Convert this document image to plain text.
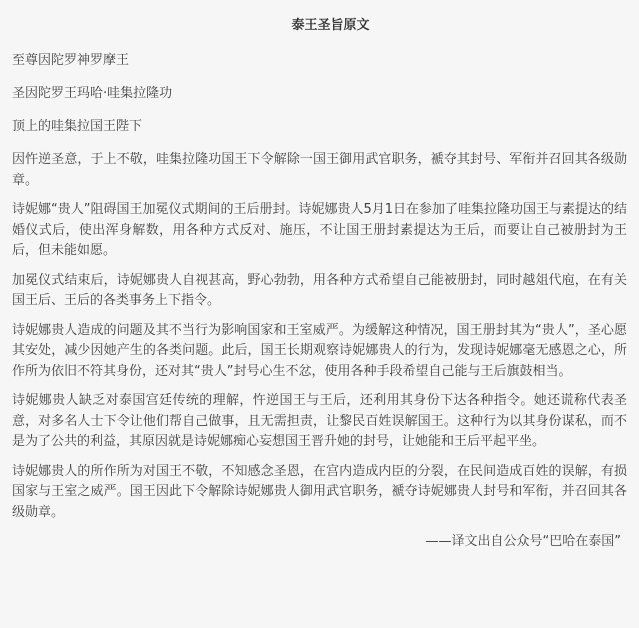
泰王圣旨原文
至尊因陀罗神罗摩王
圣因陀罗王玛哈·哇集拉隆功
顶上的哇集拉国王陛下
因忤逆圣意，于上不敬，哇集拉隆功国王下令解除一国王御用武官职务，褫夺其封号、军衔并召回其各级勋章。
诗妮娜“贵人”阻碍国王加冕仪式期间的王后册封。诗妮娜贵人5月1日在参加了哇集拉隆功国王与素提达的结婚仪式后，使出浑身解数，用各种方式反对、施压，不让国王册封素提达为王后，而要让自己被册封为王后，但未能如愿。
加冕仪式结束后，诗妮娜贵人自视甚高，野心勃勃，用各种方式希望自己能被册封，同时越俎代庖，在有关国王后、王后的各类事务上下指令。
诗妮娜贵人造成的问题及其不当行为影响国家和王室威严。为缓解这种情况，国王册封其为“贵人”，圣心愿其安处，减少因她产生的各类问题。此后，国王长期观察诗妮娜贵人的行为，发现诗妮娜毫无感恩之心，所作所为依旧不符其身份，还对其“贵人”封号心生不忿，使用各种手段希望自己能与王后旗鼓相当。
诗妮娜贵人缺乏对泰国宫廷传统的理解，忤逆国王与王后，还利用其身份下达各种指令。她还谎称代表圣意，对多名人士下令让他们帮自己做事，且无需担责，让黎民百姓误解国王。这种行为以其身份谋私，而不是为了公共的利益，其原因就是诗妮娜痴心妄想国王晋升她的封号，让她能和王后平起平坐。
诗妮娜贵人的所作所为对国王不敬，不知感念圣恩，在宫内造成内臣的分裂，在民间造成百姓的误解，有损国家与王室之威严。国王因此下令解除诗妮娜贵人御用武官职务，褫夺诗妮娜贵人封号和军衔，并召回其各级勋章。
——译文出自公众号“巴哈在泰国”
